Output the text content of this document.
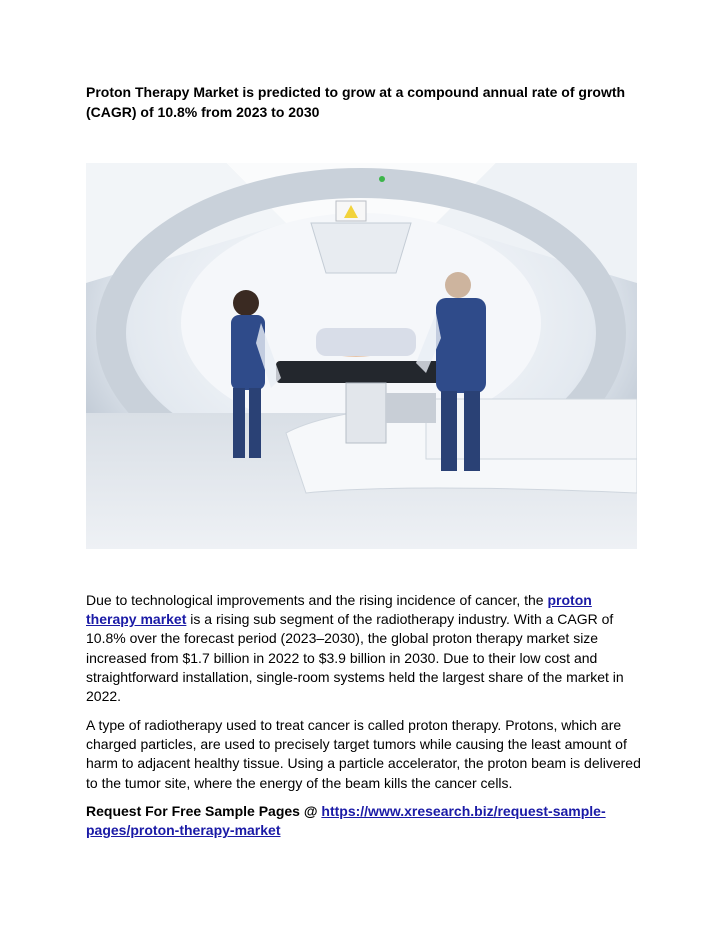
Proton Therapy Market is predicted to grow at a compound annual rate of growth (CAGR) of 10.8% from 2023 to 2030
Due to technological improvements and the rising incidence of cancer, the proton therapy market is a rising sub segment of the radiotherapy industry. With a CAGR of 10.8% over the forecast period (2023–2030), the global proton therapy market size increased from $1.7 billion in 2022 to $3.9 billion in 2030. Due to their low cost and straightforward installation, single-room systems held the largest share of the market in 2022.
A type of radiotherapy used to treat cancer is called proton therapy. Protons, which are charged particles, are used to precisely target tumors while causing the least amount of harm to adjacent healthy tissue. Using a particle accelerator, the proton beam is delivered to the tumor site, where the energy of the beam kills the cancer cells.
Request For Free Sample Pages @ https://www.xresearch.biz/request-sample-pages/proton-therapy-market
